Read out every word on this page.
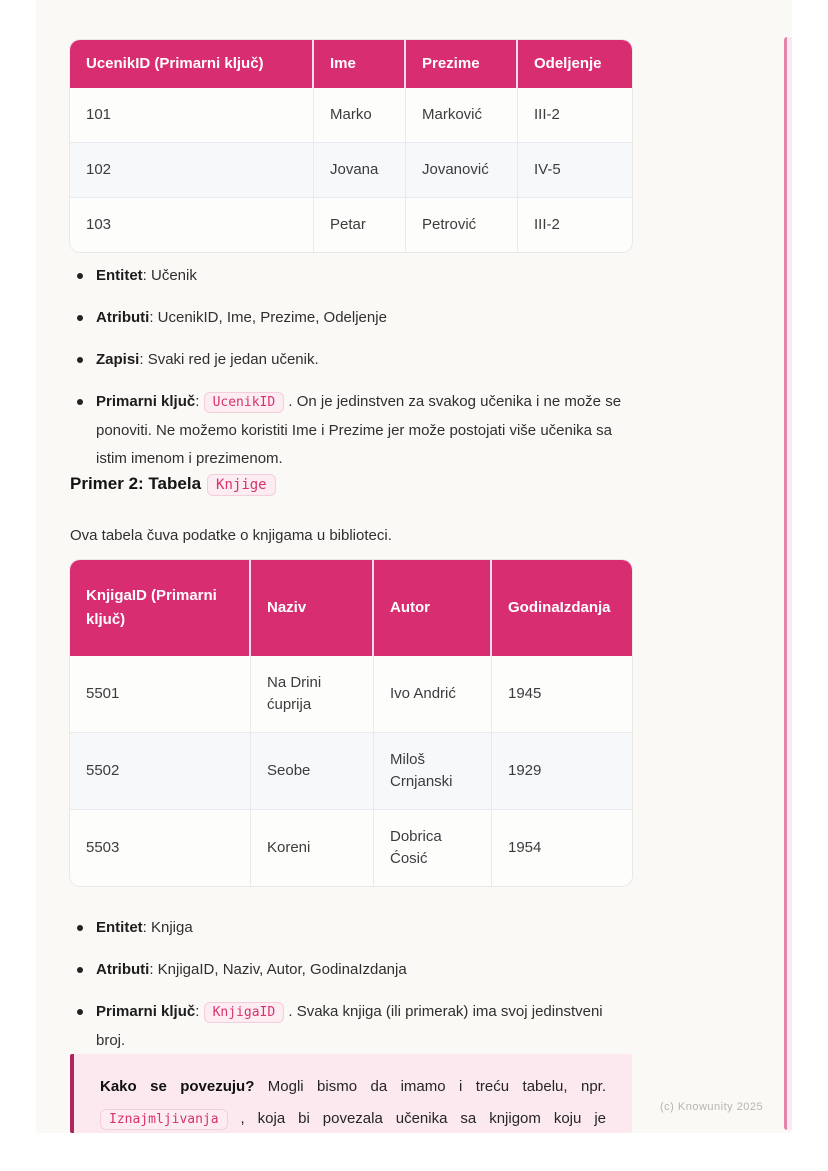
UcenikID (Primarni ključ)	Ime	Prezime	Odeljenje
101	Marko	Marković	III-2
102	Jovana	Jovanović	IV-5
103	Petar	Petrović	III-2
Entitet: Učenik
Atributi: UcenikID, Ime, Prezime, Odeljenje
Zapisi: Svaki red je jedan učenik.
Primarni ključ: UcenikID . On je jedinstven za svakog učenika i ne može se ponoviti. Ne možemo koristiti Ime i Prezime jer može postojati više učenika sa istim imenom i prezimenom.
Primer 2: Tabela Knjige

Ova tabela čuva podatke o knjigama u biblioteci.

KnjigaID (Primarni ključ)	Naziv	Autor	GodinaIzdanja
5501	Na Drini ćuprija	Ivo Andrić	1945
5502	Seobe	Miloš Crnjanski	1929
5503	Koreni	Dobrica Ćosić	1954
Entitet: Knjiga
Atributi: KnjigaID, Naziv, Autor, GodinaIzdanja
Primarni ključ: KnjigaID . Svaka knjiga (ili primerak) ima svoj jedinstveni broj.

Kako se povezuju? Mogli bismo da imamo i treću tabelu, npr.
Iznajmljivanja , koja bi povezala učenika sa knjigom koju je

(c) Knowunity 2025
